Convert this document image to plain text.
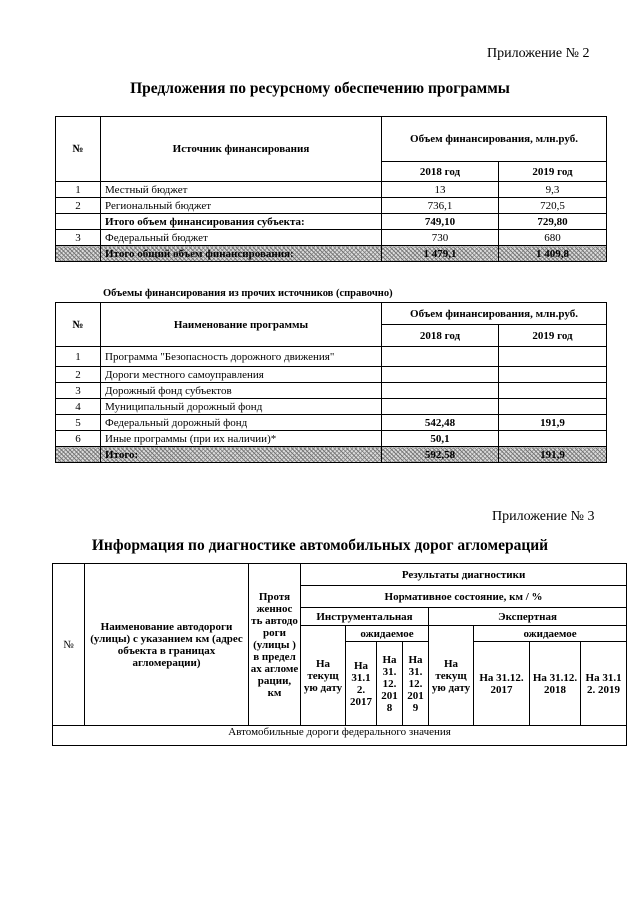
Приложение № 2
Предложения по ресурсному обеспечению программы
№	Источник финансирования	Объем финансирования, млн.руб.	
		2018 год	2019 год
1	Местный бюджет	13	9,3
2	Региональный бюджет	736,1	720,5
	Итого объем финансирования субъекта:	749,10	729,80
3	Федеральный бюджет	730	680
	Итого общий объем финансирования:	1 479,1	1 409,8
Объемы финансирования из прочих источников (справочно)
№	Наименование программы	Объем финансирования, млн.руб.	
		2018 год	2019 год
1	Программа "Безопасность дорожного движения"		
2	Дороги местного самоуправления		
3	Дорожный фонд субъектов		
4	Муниципальный дорожный фонд		
5	Федеральный дорожный фонд	542,48	191,9
6	Иные программы (при их наличии)*	50,1	
	Итого:	592,58	191,9
Приложение № 3
Информация по диагностике автомобильных дорог агломераций
№	Наименование автодороги (улицы) с указанием км (адрес объекта в границах агломерации)	Протя женнос ть автодо роги (улицы ) в предел ах агломе рации, км	Результаты диагностики							
			Нормативное состояние, км / %							
			Инструментальная				Экспертная			
			На текущ ую дату	ожидаемое			На текущ ую дату	ожидаемое		
				На 31.1 2. 2017	На 31. 12. 201 8	На 31. 12. 201 9		На 31.12. 2017	На 31.12. 2018	На 31.1 2. 2019
Автомобильные дороги федерального значения										
